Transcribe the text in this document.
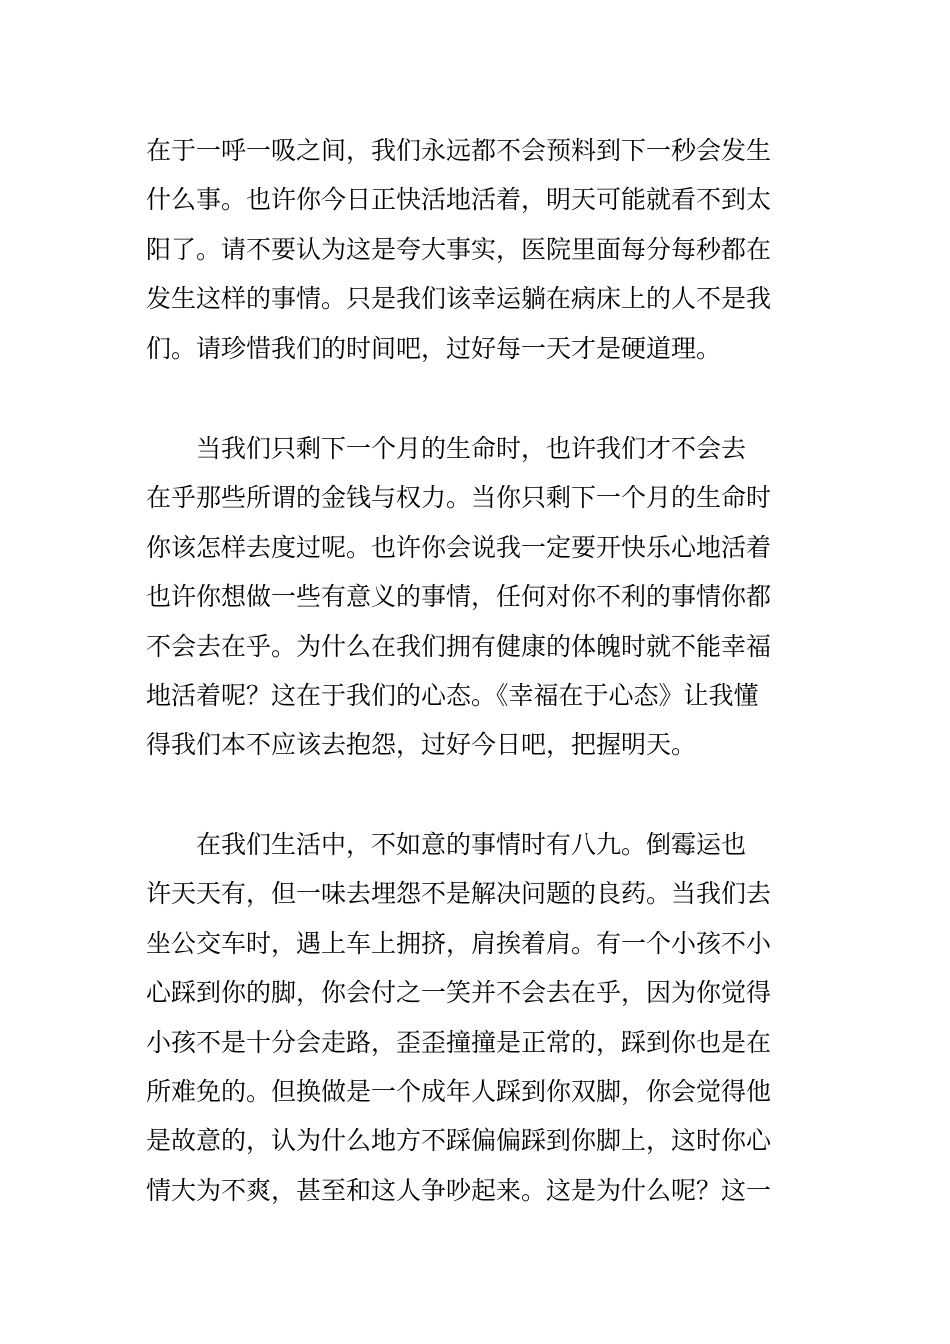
在于一呼一吸之间，我们永远都不会预料到下一秒会发生
什么事。也许你今日正快活地活着，明天可能就看不到太
阳了。请不要认为这是夸大事实，医院里面每分每秒都在
发生这样的事情。只是我们该幸运躺在病床上的人不是我
们。请珍惜我们的时间吧，过好每一天才是硬道理。
　　当我们只剩下一个月的生命时，也许我们才不会去
在乎那些所谓的金钱与权力。当你只剩下一个月的生命时
你该怎样去度过呢。也许你会说我一定要开快乐心地活着
也许你想做一些有意义的事情，任何对你不利的事情你都
不会去在乎。为什么在我们拥有健康的体魄时就不能幸福
地活着呢？这在于我们的心态。《幸福在于心态》让我懂
得我们本不应该去抱怨，过好今日吧，把握明天。
　　在我们生活中，不如意的事情时有八九。倒霉运也
许天天有，但一味去埋怨不是解决问题的良药。当我们去
坐公交车时，遇上车上拥挤，肩挨着肩。有一个小孩不小
心踩到你的脚，你会付之一笑并不会去在乎，因为你觉得
小孩不是十分会走路，歪歪撞撞是正常的，踩到你也是在
所难免的。但换做是一个成年人踩到你双脚，你会觉得他
是故意的，认为什么地方不踩偏偏踩到你脚上，这时你心
情大为不爽，甚至和这人争吵起来。这是为什么呢？这一
